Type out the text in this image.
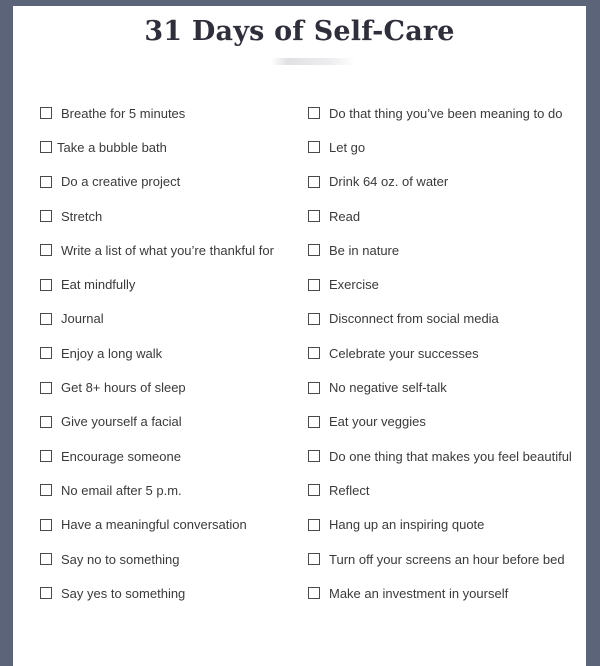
31 Days of Self-Care
Breathe for 5 minutes
Take a bubble bath
Do a creative project
Stretch
Write a list of what you’re thankful for
Eat mindfully
Journal
Enjoy a long walk
Get 8+ hours of sleep
Give yourself a facial
Encourage someone
No email after 5 p.m.
Have a meaningful conversation
Say no to something
Say yes to something
Do that thing you’ve been meaning to do
Let go
Drink 64 oz. of water
Read
Be in nature
Exercise
Disconnect from social media
Celebrate your successes
No negative self-talk
Eat your veggies
Do one thing that makes you feel beautiful
Reflect
Hang up an inspiring quote
Turn off your screens an hour before bed
Make an investment in yourself
